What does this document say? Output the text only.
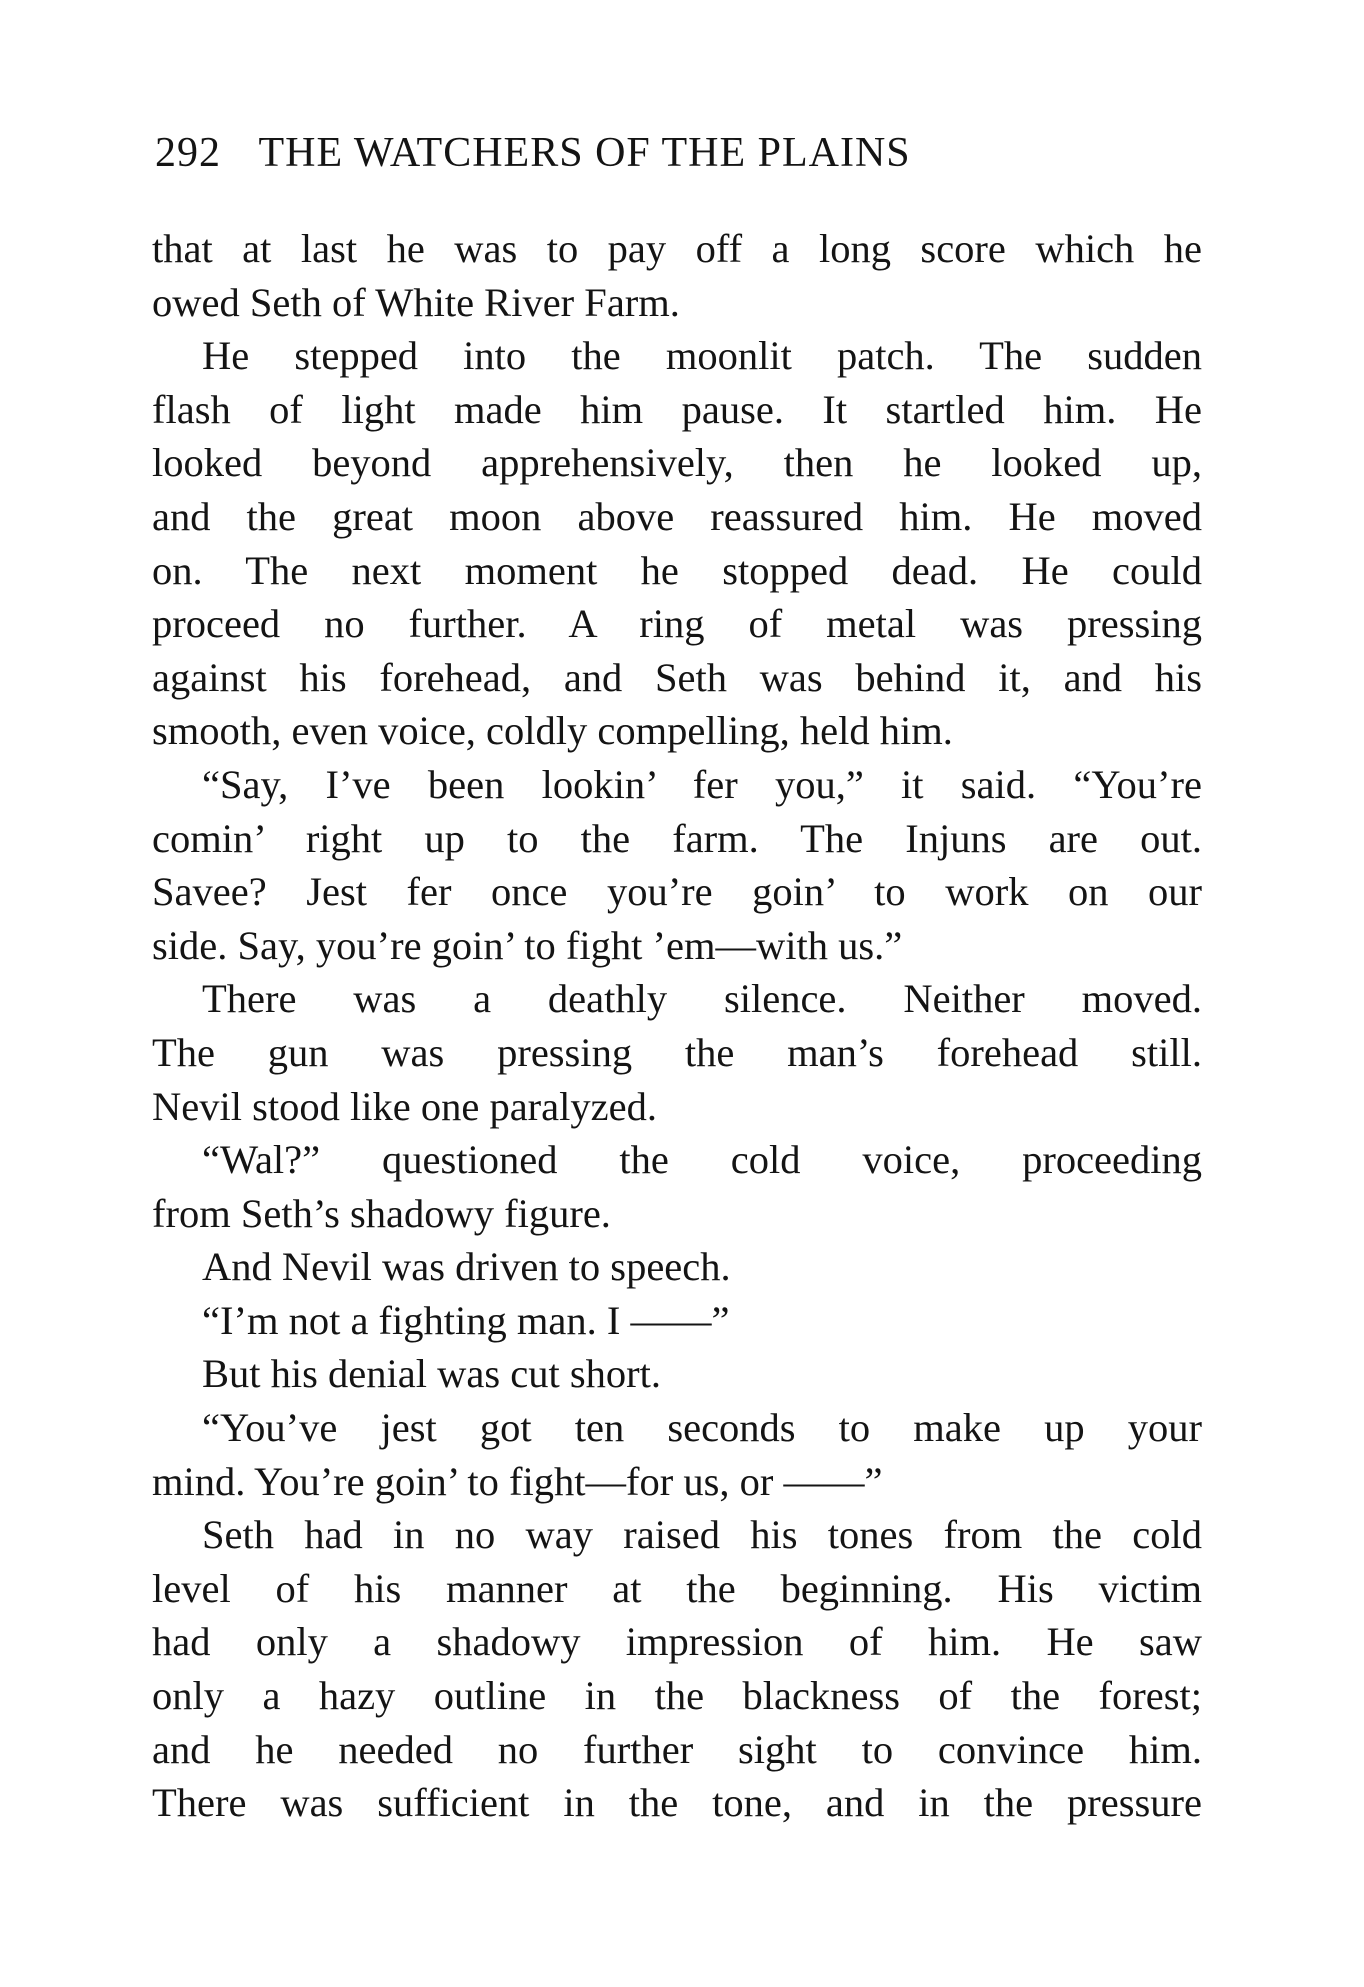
292 THE WATCHERS OF THE PLAINS
that at last he was to pay off a long score which he
owed Seth of White River Farm.
He stepped into the moonlit patch. The sudden
flash of light made him pause. It startled him. He
looked beyond apprehensively, then he looked up,
and the great moon above reassured him. He moved
on. The next moment he stopped dead. He could
proceed no further. A ring of metal was pressing
against his forehead, and Seth was behind it, and his
smooth, even voice, coldly compelling, held him.
“Say, I’ve been lookin’ fer you,” it said. “You’re
comin’ right up to the farm. The Injuns are out.
Savee? Jest fer once you’re goin’ to work on our
side. Say, you’re goin’ to fight ’em—with us.”
There was a deathly silence. Neither moved.
The gun was pressing the man’s forehead still.
Nevil stood like one paralyzed.
“Wal?” questioned the cold voice, proceeding
from Seth’s shadowy figure.
And Nevil was driven to speech.
“I’m not a fighting man. I ——”
But his denial was cut short.
“You’ve jest got ten seconds to make up your
mind. You’re goin’ to fight—for us, or ——”
Seth had in no way raised his tones from the cold
level of his manner at the beginning. His victim
had only a shadowy impression of him. He saw
only a hazy outline in the blackness of the forest;
and he needed no further sight to convince him.
There was sufficient in the tone, and in the pressure
